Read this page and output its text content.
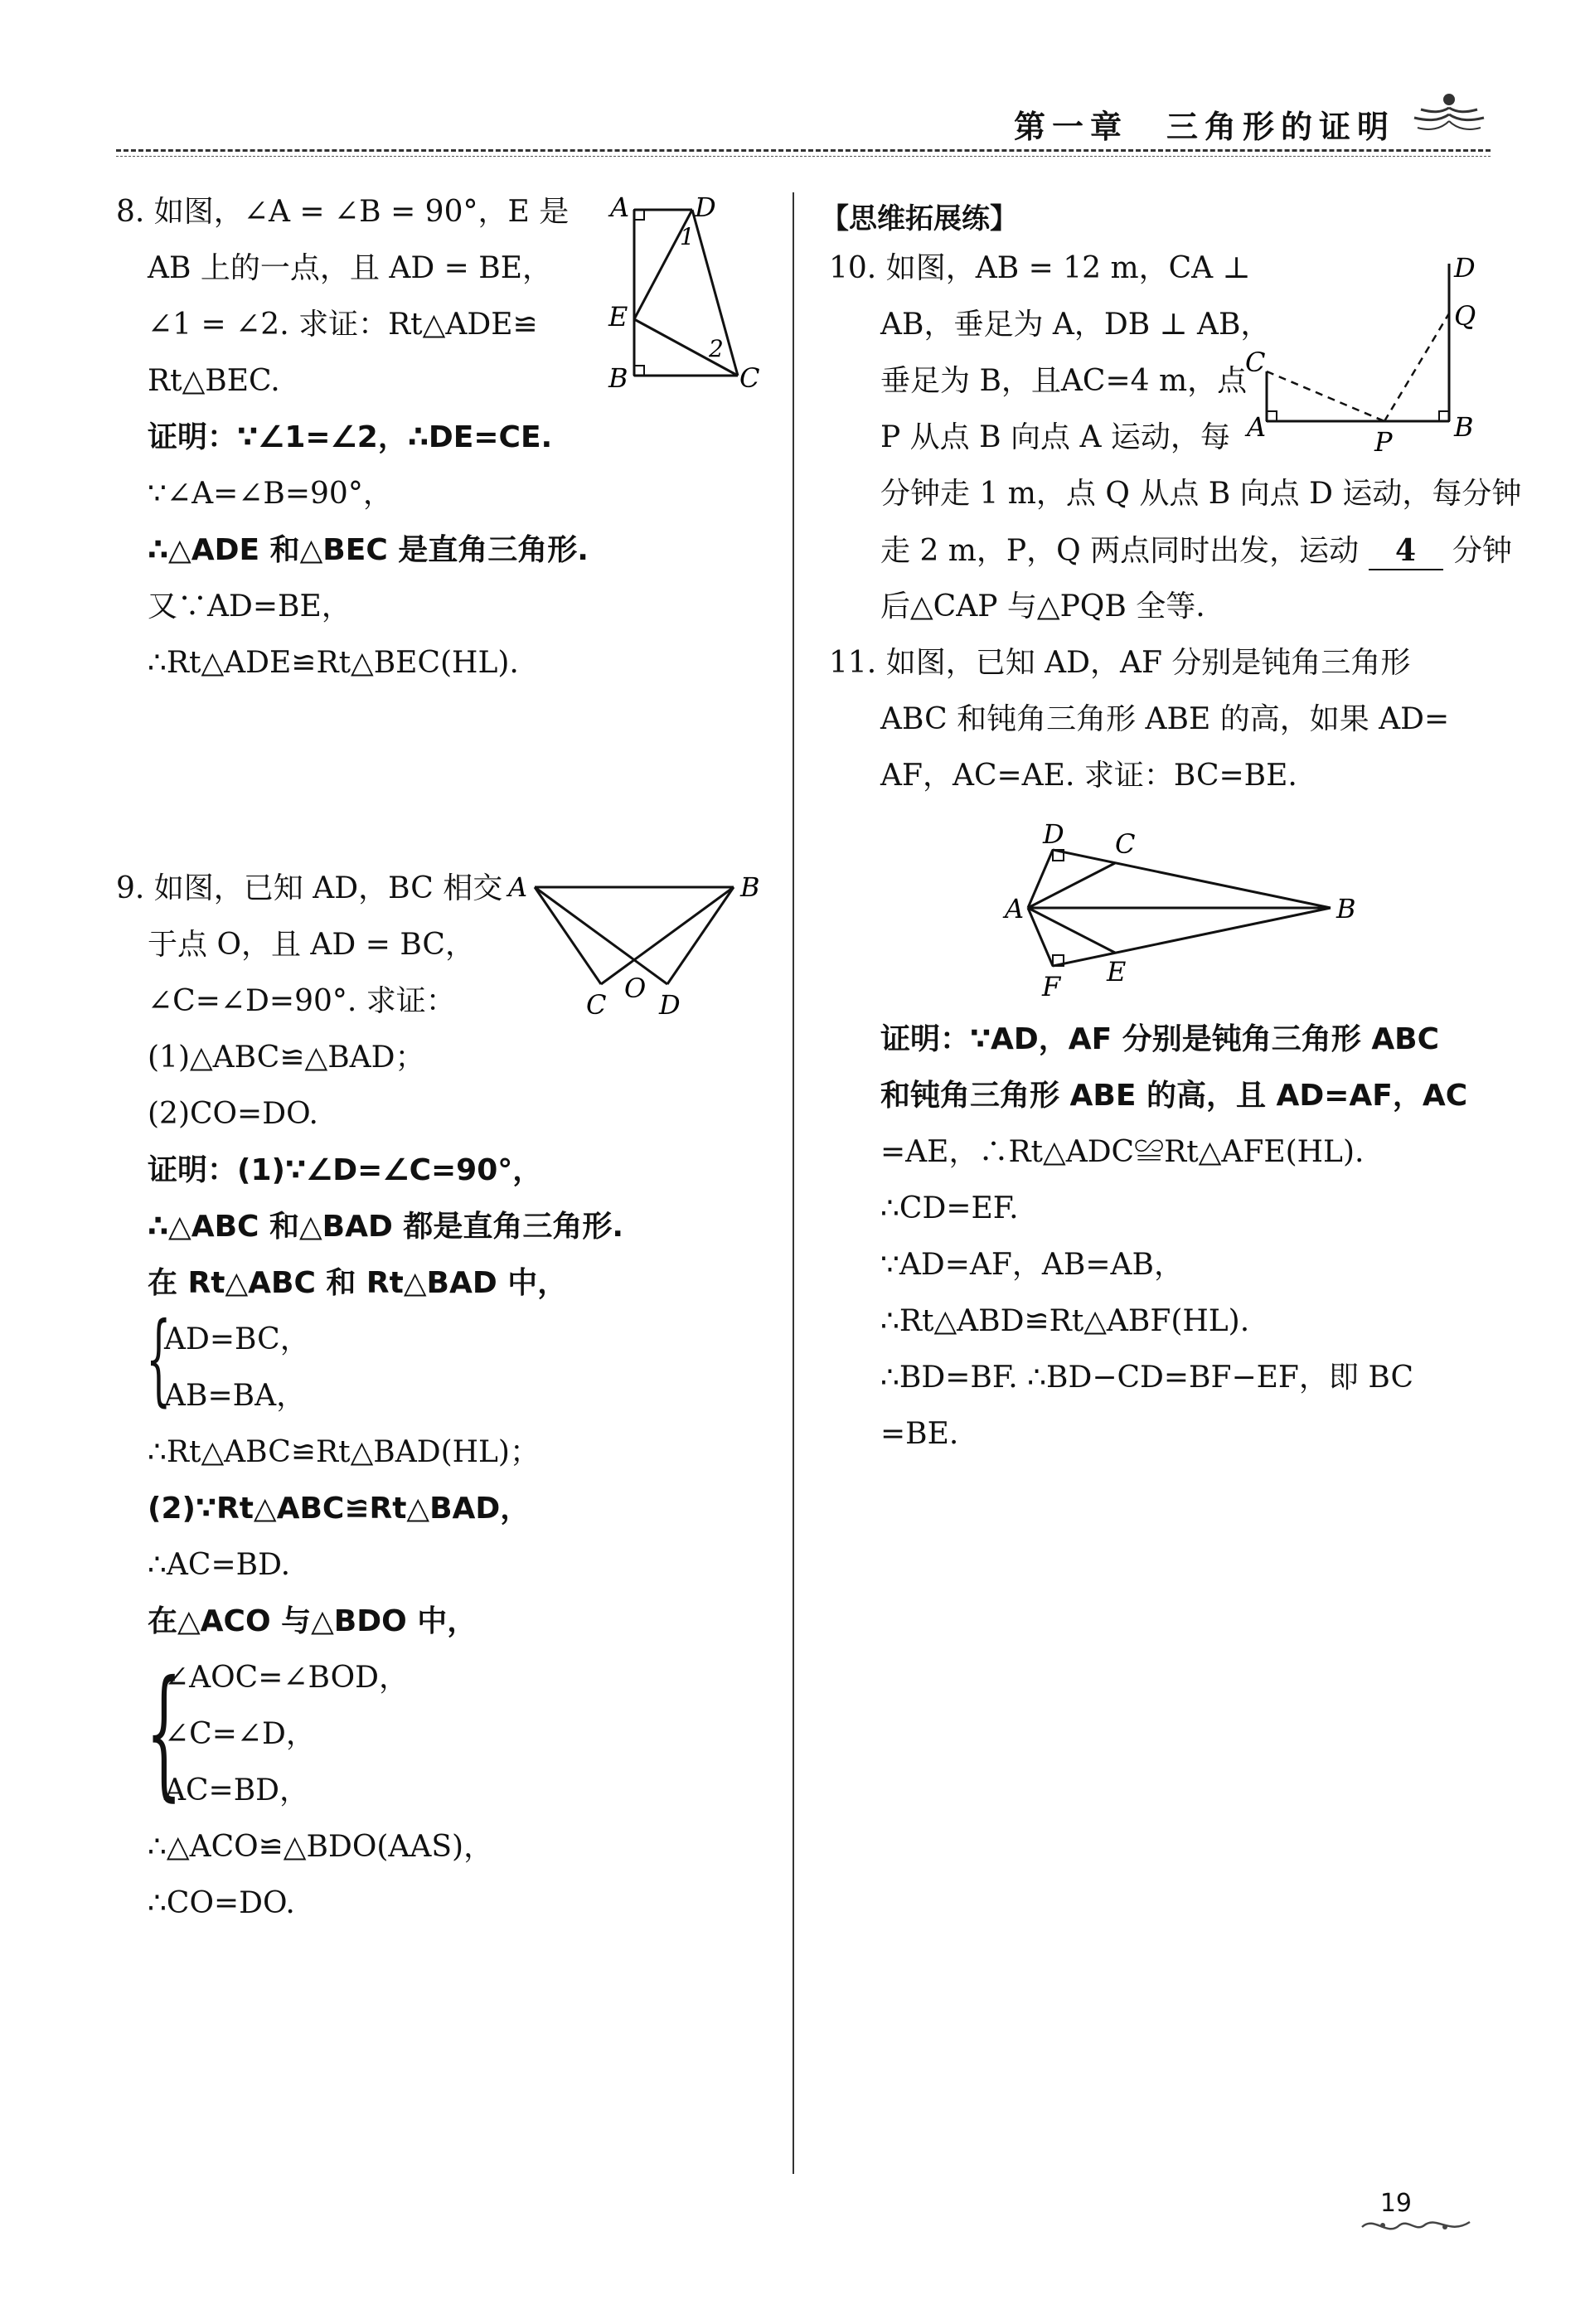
第一章　三角形的证明
8. 如图，∠A = ∠B = 90°，E 是
AB 上的一点，且 AD = BE，
∠1 = ∠2. 求证：Rt△ADE≌
Rt△BEC.
证明：∵∠1=∠2，∴DE=CE.
∵∠A=∠B=90°，
∴△ADE 和△BEC 是直角三角形.
又∵AD=BE，
∴Rt△ADE≌Rt△BEC(HL).
A D
E
B	C
1
2
9. 如图，已知 AD，BC 相交
于点 O，且 AD = BC，
∠C=∠D=90°. 求证：
(1)△ABC≌△BAD；
(2)CO=DO.
证明：(1)∵∠D=∠C=90°，
∴△ABC 和△BAD 都是直角三角形.
在 Rt△ABC 和 Rt△BAD 中，
{
AD=BC，
AB=BA，
∴Rt△ABC≌Rt△BAD(HL)；
(2)∵Rt△ABC≌Rt△BAD，
∴AC=BD.
在△ACO 与△BDO 中，
{
∠AOC=∠BOD，
∠C=∠D，
AC=BD，
∴△ACO≌△BDO(AAS)，
∴CO=DO.
A	B
C D
O
【思维拓展练】
10. 如图，AB = 12 m，CA ⊥
AB，垂足为 A，DB ⊥ AB，
垂足为 B，且AC=4 m，点
P 从点 B 向点 A 运动，每
分钟走 1 m，点 Q 从点 B 向点 D 运动，每分钟
走 2 m，P，Q 两点同时出发，运动 4 分钟
后△CAP 与△PQB 全等.
C
A	P B
D
Q
11. 如图，已知 AD，AF 分别是钝角三角形
ABC 和钝角三角形 ABE 的高，如果 AD=
AF，AC=AE. 求证：BC=BE.
D C
A	B
F E
证明：∵AD，AF 分别是钝角三角形 ABC
和钝角三角形 ABE 的高，且 AD=AF，AC
=AE，∴Rt△ADC≌Rt△AFE(HL).
∴CD=EF.
∵AD=AF，AB=AB，
∴Rt△ABD≌Rt△ABF(HL).
∴BD=BF. ∴BD−CD=BF−EF，即 BC
=BE.
19
